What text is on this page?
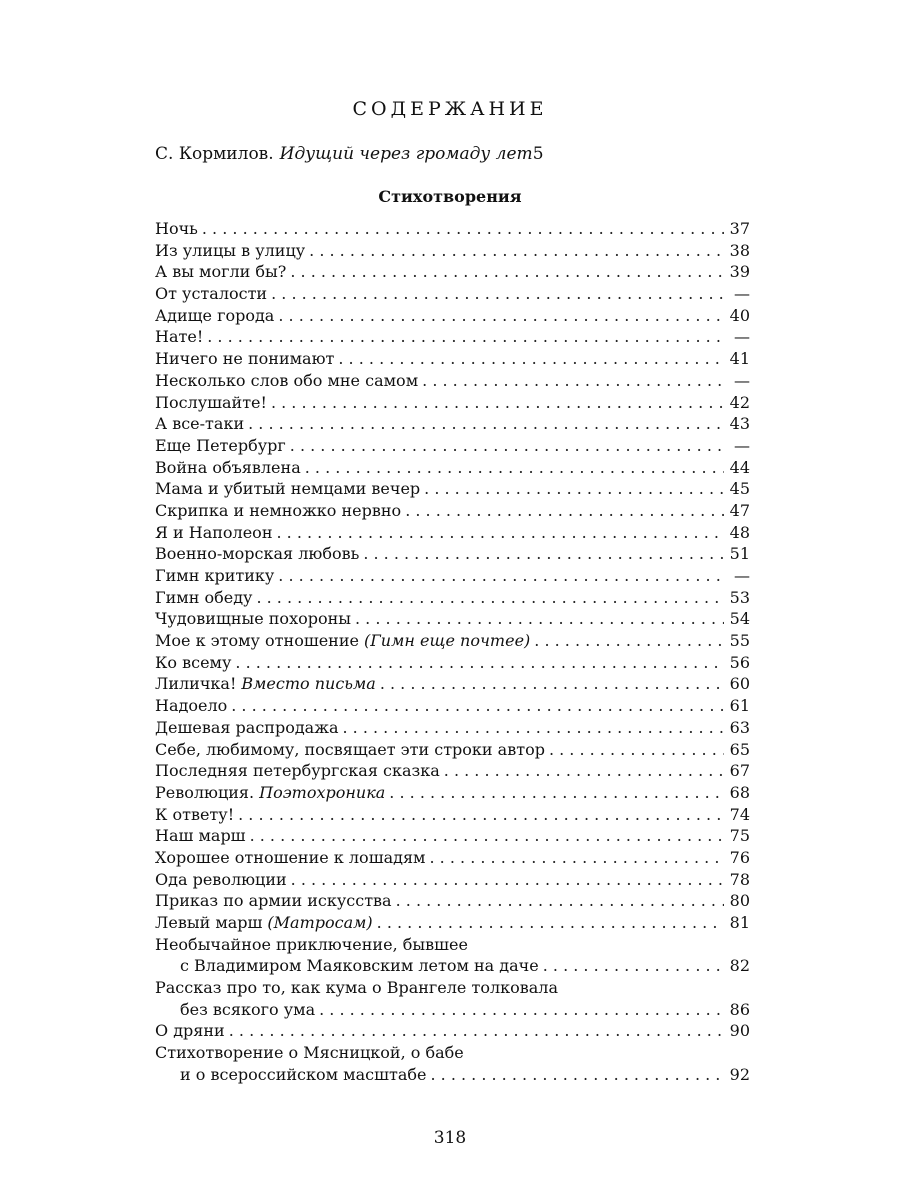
СОДЕРЖАНИЕ
С. Кормилов. Идущий через громаду лет 5
Стихотворения
Ночь . . .	37
Из улицы в улицу . . .	38
А вы могли бы? . . .	39
От усталости . . .	—
Адище города . . .	40
Нате! . . .	—
Ничего не понимают . . .	41
Несколько слов обо мне самом . . .	—
Послушайте! . . .	42
А все-таки . . .	43
Еще Петербург . . .	—
Война объявлена . . .	44
Мама и убитый немцами вечер . . .	45
Скрипка и немножко нервно . . .	47
Я и Наполеон . . .	48
Военно-морская любовь . . .	51
Гимн критику . . .	—
Гимн обеду . . .	53
Чудовищные похороны . . .	54
Мое к этому отношение (Гимн еще почтее) . . .	55
Ко всему . . .	56
Лиличка! Вместо письма . . .	60
Надоело . . .	61
Дешевая распродажа . . .	63
Себе, любимому, посвящает эти строки автор . . .	65
Последняя петербургская сказка . . .	67
Революция. Поэтохроника . . .	68
К ответу! . . .	74
Наш марш . . .	75
Хорошее отношение к лошадям . . .	76
Ода революции . . .	78
Приказ по армии искусства . . .	80
Левый марш (Матросам) . . .	81
Необычайное приключение, бывшее
с Владимиром Маяковским летом на даче . . .	82
Рассказ про то, как кума о Врангеле толковала
без всякого ума . . .	86
О дряни . . .	90
Стихотворение о Мясницкой, о бабе
и о всероссийском масштабе . . .	92
318
